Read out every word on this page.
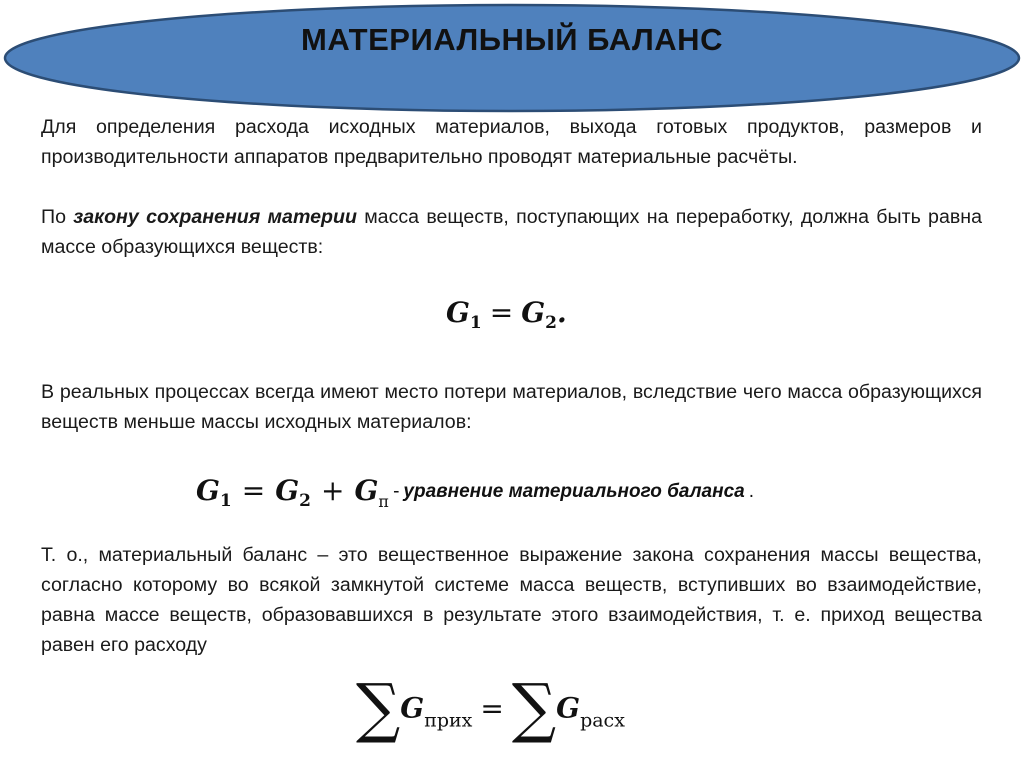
МАТЕРИАЛЬНЫЙ БАЛАНС

Для определения расхода исходных материалов, выхода готовых продуктов, размеров и производительности аппаратов предварительно проводят материальные расчёты.

По закону сохранения материи масса веществ, поступающих на переработку, должна быть равна массе образующихся веществ:

$G_1 = G_2$.

В реальных процессах всегда имеют место потери материалов, вследствие чего масса образующихся веществ меньше массы исходных материалов:

$G_1 = G_2 + G_п$ - уравнение материального баланса .

Т. о., материальный баланс – это вещественное выражение закона сохранения массы вещества, согласно которому во всякой замкнутой системе масса веществ, вступивших во взаимодействие, равна массе веществ, образовавшихся в результате этого взаимодействия, т. е. приход вещества равен его расходу

∑Gприх = ∑Gрасх
